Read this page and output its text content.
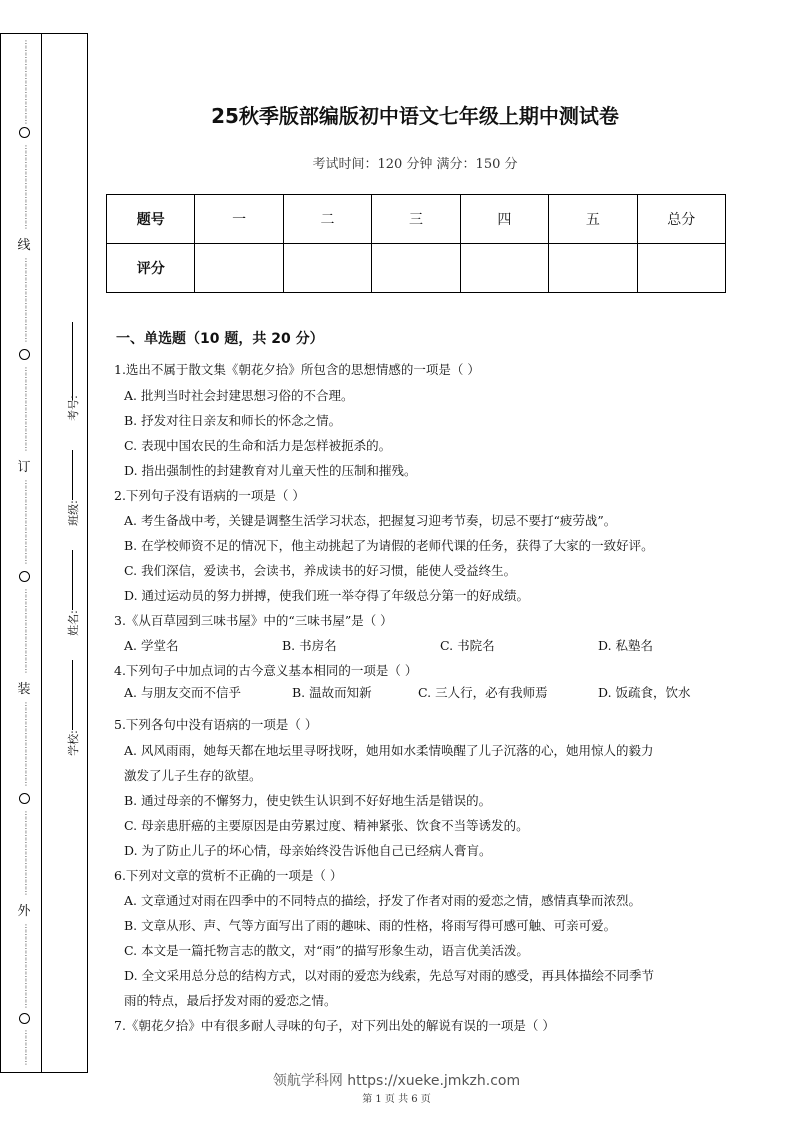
⋮
⋮
⋮
⋮
⋮
⋮
⋮
⋮
⋮
⋮
⋮
⋮
⋮
⋮
⋮
⋮
⋮
⋮
⋮
⋮
⋮
⋮
⋮
⋮
线
⋮
⋮
⋮
⋮
⋮
⋮
⋮
⋮
⋮
⋮
⋮
⋮
⋮
⋮
⋮
⋮
⋮
⋮
⋮
⋮
⋮
⋮
⋮
⋮
订
⋮
⋮
⋮
⋮
⋮
⋮
⋮
⋮
⋮
⋮
⋮
⋮
⋮
⋮
⋮
⋮
⋮
⋮
⋮
⋮
⋮
⋮
⋮
⋮
装
⋮
⋮
⋮
⋮
⋮
⋮
⋮
⋮
⋮
⋮
⋮
⋮
⋮
⋮
⋮
⋮
⋮
⋮
⋮
⋮
⋮
⋮
⋮
⋮
外
⋮
⋮
⋮
⋮
⋮
⋮
⋮
⋮
⋮
⋮
⋮
⋮
⋮
⋮
⋮
⋮
⋮
考号:
班级:
姓名:
学校:
25秋季版部编版初中语文七年级上期中测试卷
考试时间：120 分钟 满分：150 分
题号	一	二	三	四	五	总分
评分						
一、单选题（10 题，共 20 分）
1.选出不属于散文集《朝花夕拾》所包含的思想情感的一项是（ ）
A. 批判当时社会封建思想习俗的不合理。
B. 抒发对往日亲友和师长的怀念之情。
C. 表现中国农民的生命和活力是怎样被扼杀的。
D. 指出强制性的封建教育对儿童天性的压制和摧残。
2.下列句子没有语病的一项是（ ）
A. 考生备战中考，关键是调整生活学习状态，把握复习迎考节奏，切忌不要打“疲劳战”。
B. 在学校师资不足的情况下，他主动挑起了为请假的老师代课的任务，获得了大家的一致好评。
C. 我们深信，爱读书，会读书，养成读书的好习惯，能使人受益终生。
D. 通过运动员的努力拼搏，使我们班一举夺得了年级总分第一的好成绩。
3.《从百草园到三味书屋》中的“三味书屋”是（ ）
A. 学堂名	B. 书房名	C. 书院名	D. 私塾名
4.下列句子中加点词的古今意义基本相同的一项是（ ）
A. 与朋友交而不信乎	B. 温故而知新	C. 三人行，必有我师焉	D. 饭疏食，饮水
5.下列各句中没有语病的一项是（ ）
A. 风风雨雨，她每天都在地坛里寻呀找呀，她用如水柔情唤醒了儿子沉落的心，她用惊人的毅力
激发了儿子生存的欲望。
B. 通过母亲的不懈努力，使史铁生认识到不好好地生活是错误的。
C. 母亲患肝癌的主要原因是由劳累过度、精神紧张、饮食不当等诱发的。
D. 为了防止儿子的坏心情，母亲始终没告诉他自己已经病人膏肓。
6.下列对文章的赏析不正确的一项是（ ）
A. 文章通过对雨在四季中的不同特点的描绘，抒发了作者对雨的爱恋之情，感情真挚而浓烈。
B. 文章从形、声、气等方面写出了雨的趣味、雨的性格，将雨写得可感可触、可亲可爱。
C. 本文是一篇托物言志的散文，对“雨”的描写形象生动，语言优美活泼。
D. 全文采用总分总的结构方式，以对雨的爱恋为线索，先总写对雨的感受，再具体描绘不同季节
雨的特点，最后抒发对雨的爱恋之情。
7.《朝花夕拾》中有很多耐人寻味的句子，对下列出处的解说有误的一项是（ ）
领航学科网 https://xueke.jmkzh.com
第 1 页 共 6 页
